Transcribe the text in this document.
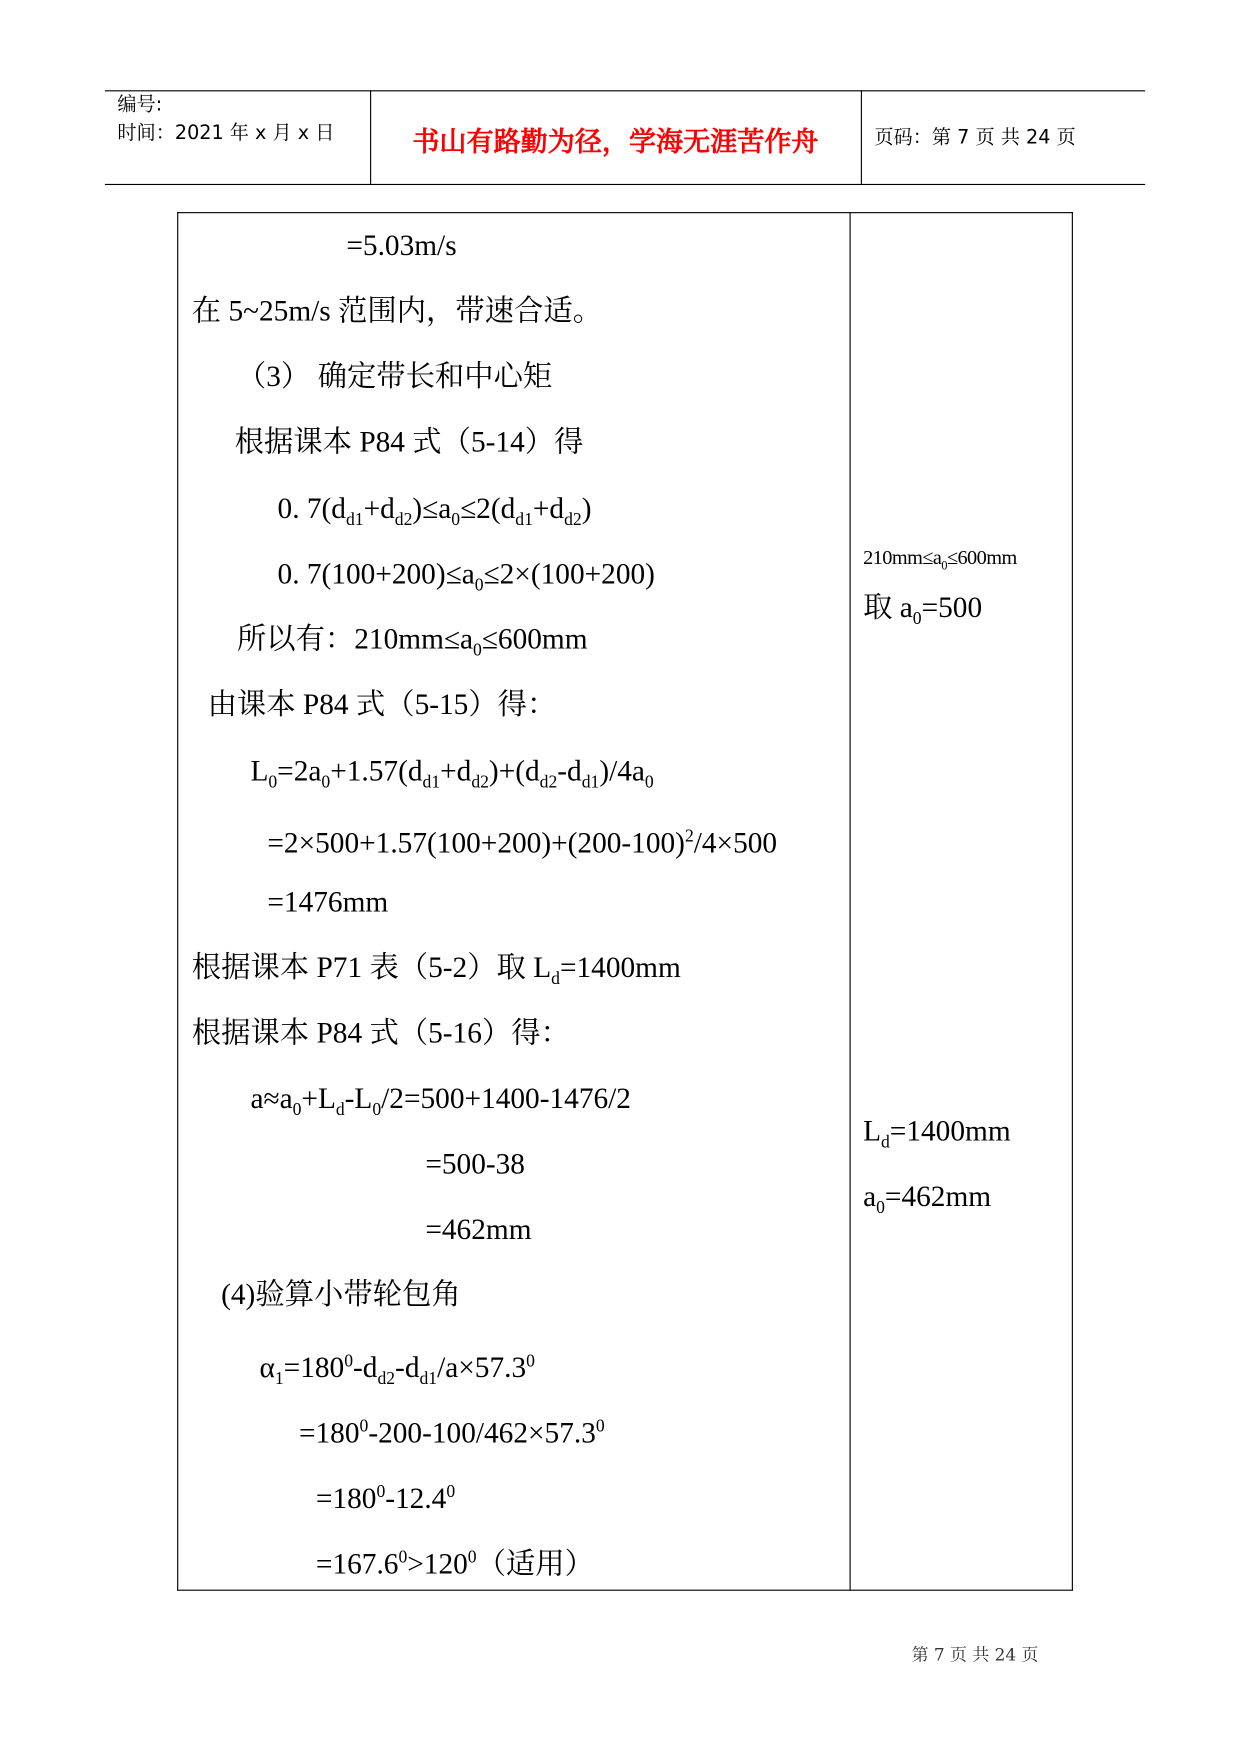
编号:
时间：2021 年 x 月 x 日	书山有路勤为径，学海无涯苦作舟	页码：第 7 页 共 24 页
=5.03m/s
在 5~25m/s 范围内，带速合适。
（3） 确定带长和中心矩
根据课本 P84 式（5-14）得
0. $7(d_{d1}+d_{d2})\le a_0\le 2(d_{d1}+d_{d2})$
0. $7(100+200)\le a_0\le 2\times(100+200)$
所以有：$210mm\le a_0\le 600mm$
由课本 P84 式（5-15）得：
$L_0=2a_0+1.57(d_{d1}+d_{d2})+(d_{d2}-d_{d1})/4a_0$
$=2\times 500+1.57(100+200)+(200-100)^2/4\times 500$
=1476mm
根据课本 P71 表（5-2）取 $L_d=1400mm$
根据课本 P84 式（5-16）得：
$a\approx a_0+L_d-L_0/2=500+1400-1476/2$
=500-38
=462mm
(4)验算小带轮包角
$\alpha_1=180^0-d_{d2}-d_{d1}/a\times 57.3^0$
$=180^0-200-100/462\times 57.3^0$
$=180^0-12.4^0$
$=167.6^0>120^0$（适用）
$210mm\le a_0\le 600mm$
取 $a_0=500$
$L_d=1400mm$
$a_0=462mm$
第 7 页 共 24 页
